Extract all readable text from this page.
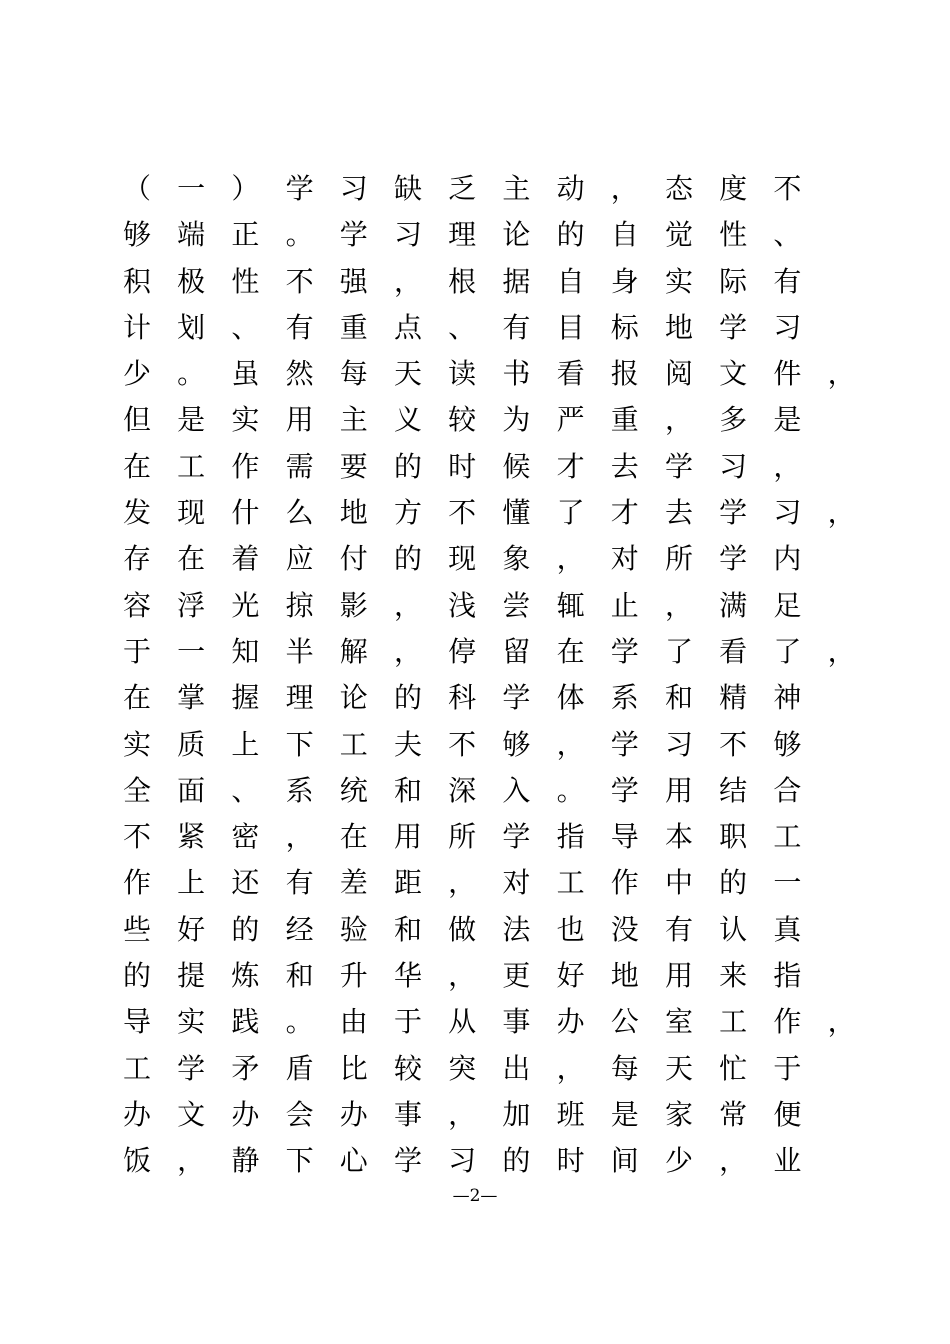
（ 一 ） 学 习 缺 乏 主 动 ， 态 度 不
够 端 正 。 学 习 理 论 的 自 觉 性 、
积 极 性 不 强 ， 根 据 自 身 实 际 有
计 划 、 有 重 点 、 有 目 标 地 学 习
少 。 虽 然 每 天 读 书 看 报 阅 文 件 ，
但 是 实 用 主 义 较 为 严 重 ， 多 是
在 工 作 需 要 的 时 候 才 去 学 习 ，
发 现 什 么 地 方 不 懂 了 才 去 学 习 ，
存 在 着 应 付 的 现 象 ， 对 所 学 内
容 浮 光 掠 影 ， 浅 尝 辄 止 ， 满 足
于 一 知 半 解 ， 停 留 在 学 了 看 了 ，
在 掌 握 理 论 的 科 学 体 系 和 精 神
实 质 上 下 工 夫 不 够 ， 学 习 不 够
全 面 、 系 统 和 深 入 。 学 用 结 合
不 紧 密 ， 在 用 所 学 指 导 本 职 工
作 上 还 有 差 距 ， 对 工 作 中 的 一
些 好 的 经 验 和 做 法 也 没 有 认 真
的 提 炼 和 升 华 ， 更 好 地 用 来 指
导 实 践 。 由 于 从 事 办 公 室 工 作 ，
工 学 矛 盾 比 较 突 出 ， 每 天 忙 于
办 文 办 会 办 事 ， 加 班 是 家 常 便
饭 ， 静 下 心 学 习 的 时 间 少 ， 业
—2—
